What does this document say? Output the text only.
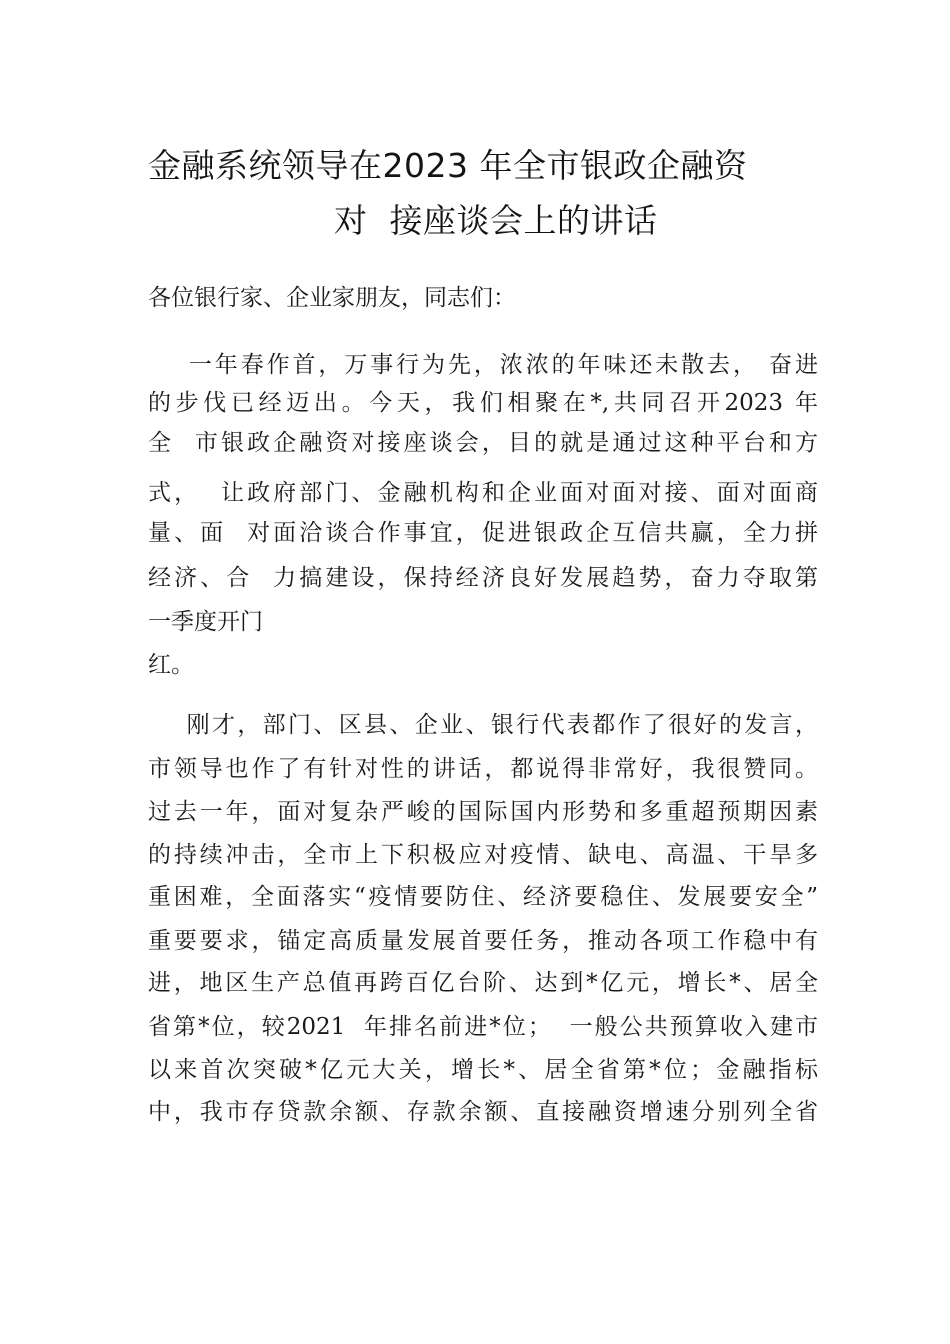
金融系统领导在2023 年全市银政企融资
对  接座谈会上的讲话
各位银行家、企业家朋友，同志们：
一年春作首，万事行为先，浓浓的年味还未散去， 奋进
的步伐已经迈出。今天，我们相聚在*,共同召开2023 年
全  市银政企融资对接座谈会，目的就是通过这种平台和方
式，  让政府部门、金融机构和企业面对面对接、面对面商
量、面  对面洽谈合作事宜，促进银政企互信共赢，全力拼
经济、合  力搞建设，保持经济良好发展趋势，奋力夺取第
一季度开门
红。
刚才，部门、区县、企业、银行代表都作了很好的发言，
市领导也作了有针对性的讲话，都说得非常好，我很赞同。
过去一年，面对复杂严峻的国际国内形势和多重超预期因素
的持续冲击，全市上下积极应对疫情、缺电、高温、干旱多
重困难，全面落实“疫情要防住、经济要稳住、发展要安全”
重要要求，锚定高质量发展首要任务，推动各项工作稳中有
进，地区生产总值再跨百亿台阶、达到*亿元，增长*、居全
省第*位，较2021  年排名前进*位；  一般公共预算收入建市
以来首次突破*亿元大关，增长*、居全省第*位；金融指标
中，我市存贷款余额、存款余额、直接融资增速分别列全省
